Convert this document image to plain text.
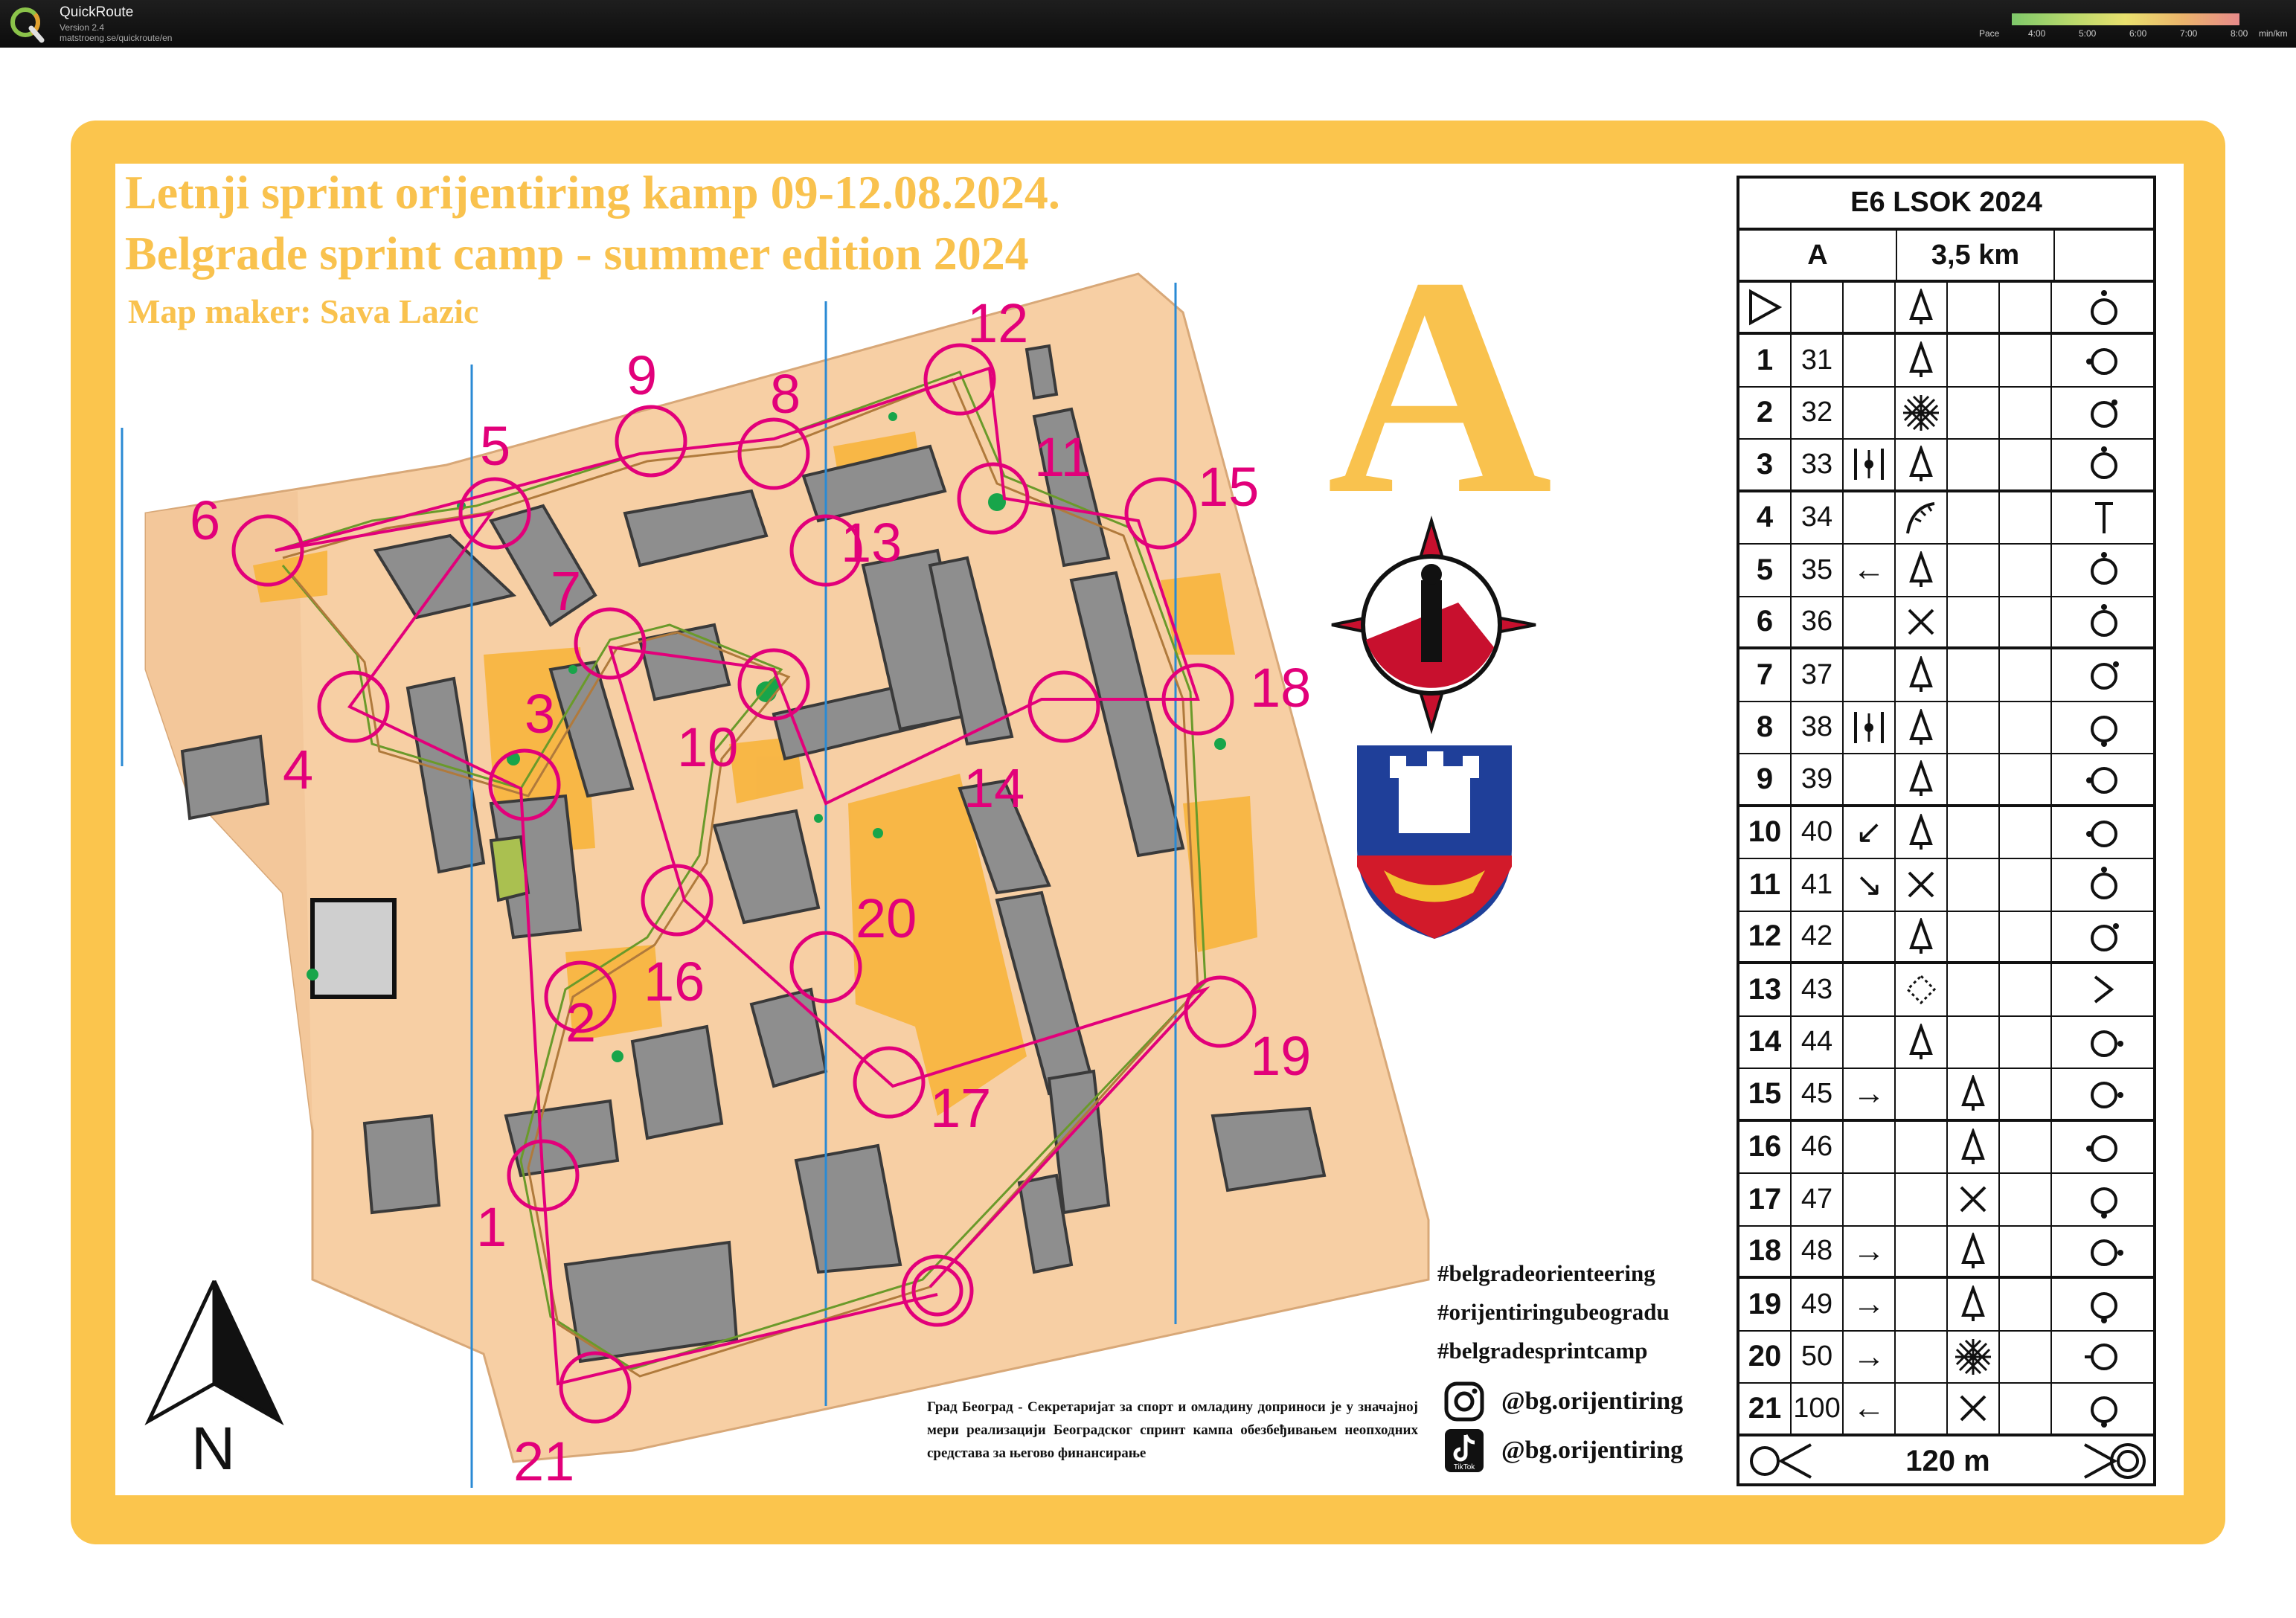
QuickRoute
Version 2.4
matstroeng.se/quickroute/en	Pace	4:00	5:00	6:00	7:00	8:00 min/km
1
2
3
4
5
6
7
8
9
10
11
12
13
14
15
16
17
18
19
20
21
N
Letnji sprint orijentiring kamp 09-12.08.2024.
Belgrade sprint camp - summer edition 2024
Map maker: Sava Lazic	A
E6 LSOK 2024
A	3,5 km
1 31
2 32
3 33
4 34
5 35 ←
6 36
7 37
8 38
9 39
10 40 ↙
11 41 ↘
12 42
13 43
14 44
15 45 →
16 46
17 47
18 48 →
19 49 →
20 50 →
21 100 ←
120 m
#belgradeorienteering
#orijentiringubeogradu
#belgradesprintcamp
@bg.orijentiring
TikTok
@bg.orijentiring
Град Београд - Секретаријат за спорт и омладину доприноси је у значајној мери реализацији Београдског спринт кампа обезбеђивањем неопходних средстава за његово финансирање
